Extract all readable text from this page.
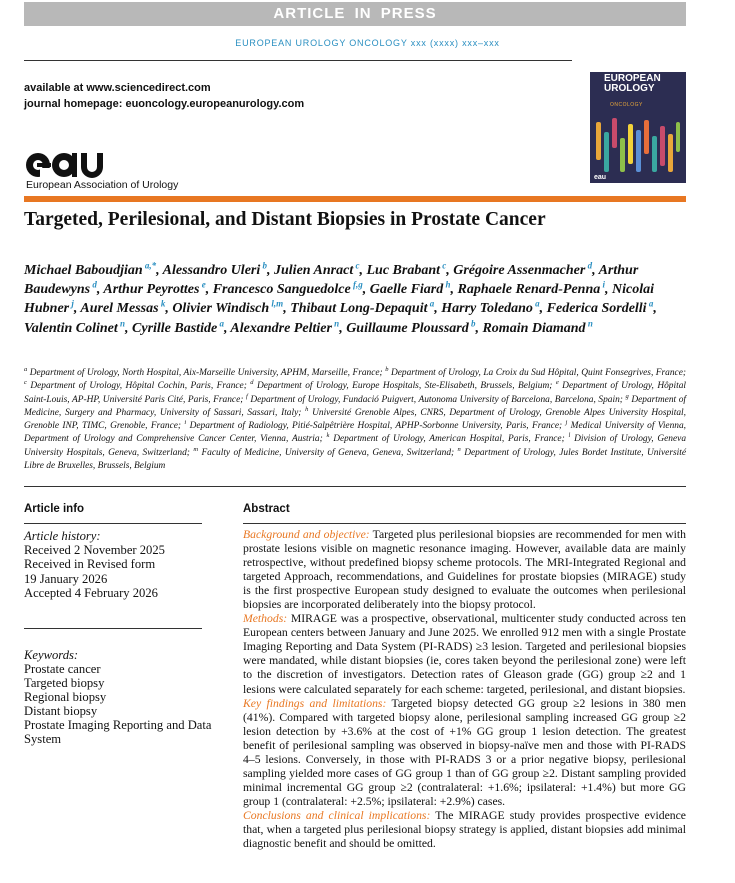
ARTICLE IN PRESS
EUROPEAN UROLOGY ONCOLOGY xxx (xxxx) xxx–xxx
available at www.sciencedirect.com
journal homepage: euoncology.europeanurology.com
European Association of Urology
EUROPEAN
UROLOGY
ONCOLOGY
eau
Targeted, Perilesional, and Distant Biopsies in Prostate Cancer
Michael Baboudjian $^{a,*}$, Alessandro Uleri $^b$, Julien Anract $^c$, Luc Brabant $^c$, Grégoire Assenmacher $^d$, Arthur Baudewyns $^d$, Arthur Peyrottes $^e$, Francesco Sanguedolce $^{f,g}$, Gaelle Fiard $^h$, Raphaele Renard-Penna $^i$, Nicolai Hubner $^j$, Aurel Messas $^k$, Olivier Windisch $^{l,m}$, Thibaut Long-Depaquit $^a$, Harry Toledano $^a$, Federica Sordelli $^a$, Valentin Colinet $^n$, Cyrille Bastide $^a$, Alexandre Peltier $^n$, Guillaume Ploussard $^b$, Romain Diamand $^n$
$^a$ Department of Urology, North Hospital, Aix-Marseille University, APHM, Marseille, France; $^b$ Department of Urology, La Croix du Sud Hôpital, Quint Fonsegrives, France; $^c$ Department of Urology, Hôpital Cochin, Paris, France; $^d$ Department of Urology, Europe Hospitals, Ste-Elisabeth, Brussels, Belgium; $^e$ Department of Urology, Hôpital Saint-Louis, AP-HP, Université Paris Cité, Paris, France; $^f$ Department of Urology, Fundació Puigvert, Autonoma University of Barcelona, Barcelona, Spain; $^g$ Department of Medicine, Surgery and Pharmacy, University of Sassari, Sassari, Italy; $^h$ Université Grenoble Alpes, CNRS, Department of Urology, Grenoble Alpes University Hospital, Grenoble INP, TIMC, Grenoble, France; $^i$ Department of Radiology, Pitié-Salpêtrière Hospital, APHP-Sorbonne University, Paris, France; $^j$ Medical University of Vienna, Department of Urology and Comprehensive Cancer Center, Vienna, Austria; $^k$ Department of Urology, American Hospital, Paris, France; $^l$ Division of Urology, Geneva University Hospitals, Geneva, Switzerland; $^m$ Faculty of Medicine, University of Geneva, Geneva, Switzerland; $^n$ Department of Urology, Jules Bordet Institute, Université Libre de Bruxelles, Brussels, Belgium
Article info
Article history:
Received 2 November 2025
Received in Revised form
19 January 2026
Accepted 4 February 2026
Keywords:
Prostate cancer
Targeted biopsy
Regional biopsy
Distant biopsy
Prostate Imaging Reporting and Data System
Abstract

Background and objective: Targeted plus perilesional biopsies are recommended for men with prostate lesions visible on magnetic resonance imaging. However, available data are mainly retrospective, without predefined biopsy scheme protocols. The MRI-Integrated Regional and targeted Approach, recommendations, and Guidelines for prostate biopsies (MIRAGE) study is the first prospective European study designed to evaluate the outcomes when perilesional biopsies are incorporated deliberately into the biopsy protocol.

Methods: MIRAGE was a prospective, observational, multicenter study conducted across ten European centers between January and June 2025. We enrolled 912 men with a single Prostate Imaging Reporting and Data System (PI-RADS) ≥3 lesion. Targeted and perilesional biopsies were mandated, while distant biopsies (ie, cores taken beyond the perilesional zone) were left to the discretion of investigators. Detection rates of Gleason grade (GG) group ≥2 and 1 lesions were calculated separately for each scheme: targeted, perilesional, and distant biopsies.

Key findings and limitations: Targeted biopsy detected GG group ≥2 lesions in 380 men (41%). Compared with targeted biopsy alone, perilesional sampling increased GG group ≥2 lesion detection by +3.6% at the cost of +1% GG group 1 lesion detection. The greatest benefit of perilesional sampling was observed in biopsy-naïve men and those with PI-RADS 4–5 lesions. Conversely, in those with PI-RADS 3 or a prior negative biopsy, perilesional sampling yielded more cases of GG group 1 than of GG group ≥2. Distant sampling provided minimal incremental GG group ≥2 (contralateral: +1.6%; ipsilateral: +1.4%) but more GG group 1 (contralateral: +2.5%; ipsilateral: +2.9%) cases.

Conclusions and clinical implications: The MIRAGE study provides prospective evidence that, when a targeted plus perilesional biopsy strategy is applied, distant biopsies add minimal diagnostic benefit and should be omitted.
